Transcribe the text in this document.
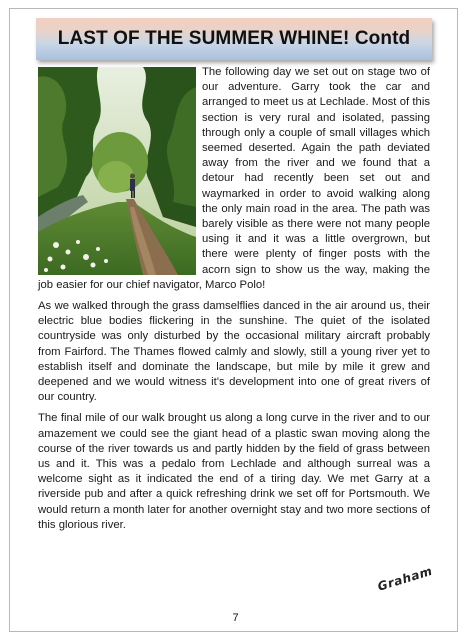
LAST OF THE SUMMER WHINE! Contd

The following day we set out on stage two of our adventure. Garry took the car and arranged to meet us at Lechlade. Most of this section is very rural and isolated, passing through only a couple of small villages which seemed deserted. Again the path deviated away from the river and we found that a detour had recently been set out and waymarked in order to avoid walking along the only main road in the area. The path was barely visible as there were not many people using it and it was a little overgrown, but there were plenty of finger posts with the acorn sign to show us the way, making the job easier for our chief navigator, Marco Polo!

As we walked through the grass damselflies danced in the air around us, their electric blue bodies flickering in the sunshine. The quiet of the isolated countryside was only disturbed by the occasional military aircraft probably from Fairford. The Thames flowed calmly and slowly, still a young river yet to establish itself and dominate the landscape, but mile by mile it grew and deepened and we would witness it's development into one of great rivers of our country.

The final mile of our walk brought us along a long curve in the river and to our amazement we could see the giant head of a plastic swan moving along the course of the river towards us and partly hidden by the field of grass between us and it. This was a pedalo from Lechlade and although surreal was a welcome sight as it indicated the end of a tiring day. We met Garry at a riverside pub and after a quick refreshing drink we set off for Portsmouth. We would return a month later for another overnight stay and two more sections of this glorious river.

Graham
7
